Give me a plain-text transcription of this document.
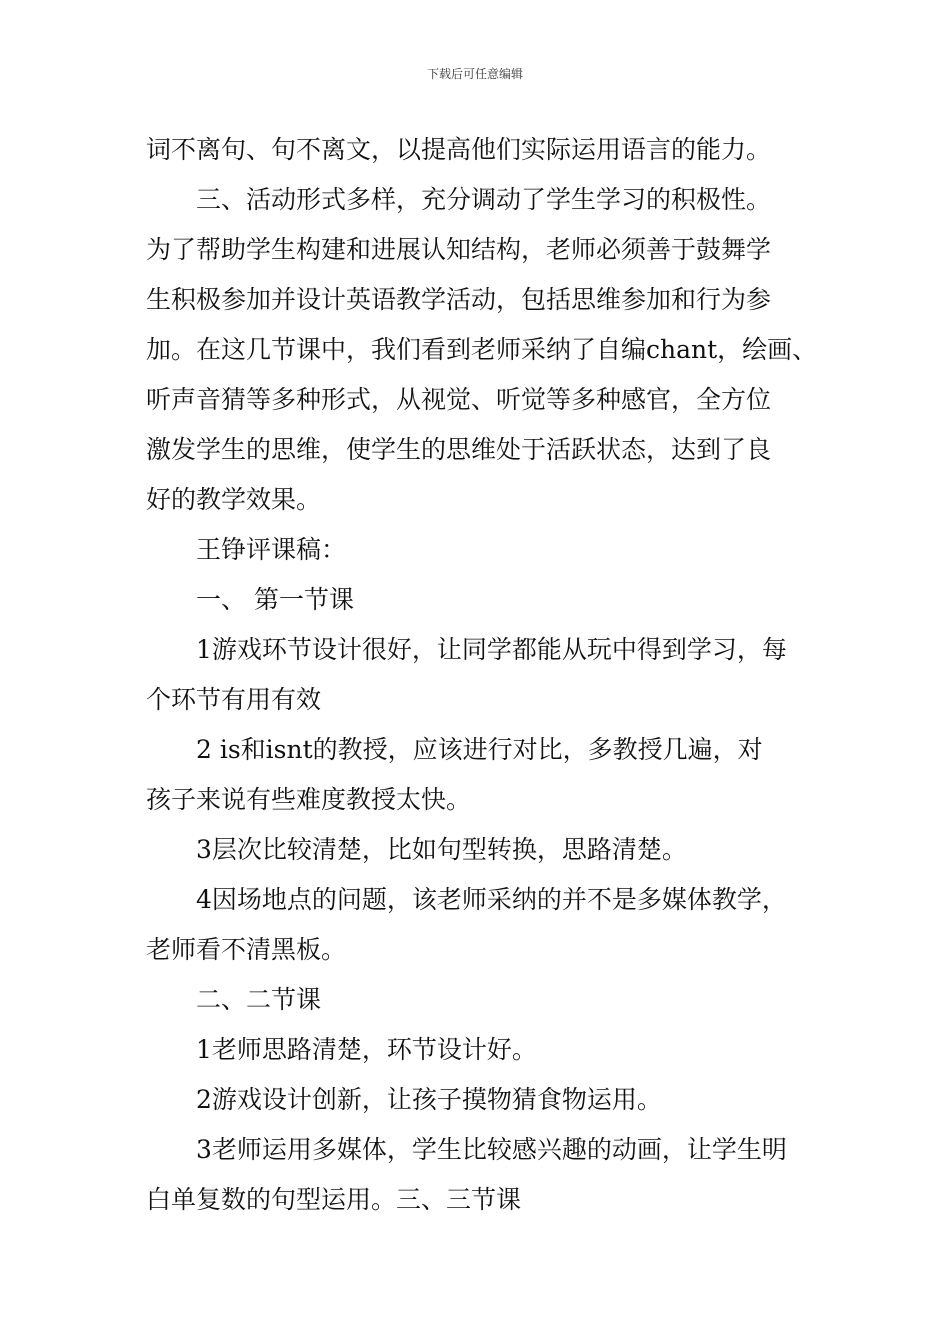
下载后可任意编辑

词不离句、句不离文，以提高他们实际运用语言的能力。

三、活动形式多样，充分调动了学生学习的积极性。

为了帮助学生构建和进展认知结构，老师必须善于鼓舞学

生积极参加并设计英语教学活动，包括思维参加和行为参

加。在这几节课中，我们看到老师采纳了自编chant，绘画、

听声音猜等多种形式，从视觉、听觉等多种感官，全方位

激发学生的思维，使学生的思维处于活跃状态，达到了良

好的教学效果。

王铮评课稿：

一、 第一节课

1游戏环节设计很好，让同学都能从玩中得到学习，每

个环节有用有效

2 is和isnt的教授，应该进行对比，多教授几遍，对

孩子来说有些难度教授太快。

3层次比较清楚，比如句型转换，思路清楚。

4因场地点的问题，该老师采纳的并不是多媒体教学，

老师看不清黑板。

二、二节课

1老师思路清楚，环节设计好。

2游戏设计创新，让孩子摸物猜食物运用。

3老师运用多媒体，学生比较感兴趣的动画，让学生明

白单复数的句型运用。三、三节课
